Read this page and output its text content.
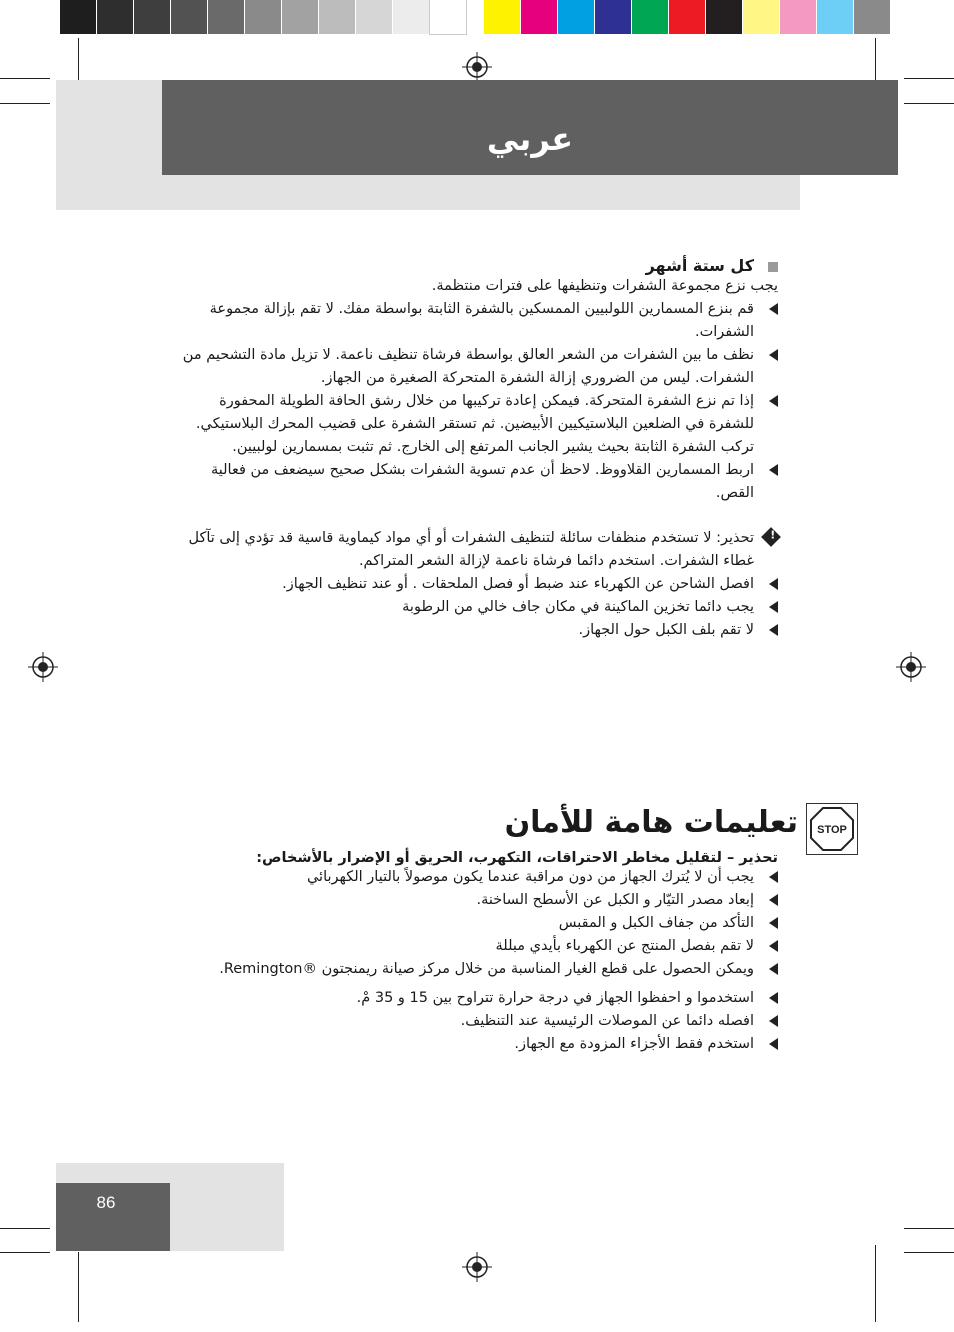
عربي
كل ستة أشهر
يجب نزع مجموعة الشفرات وتنظيفها على فترات منتظمة.
قم بنزع المسمارين اللولبيين الممسكين بالشفرة الثابتة بواسطة مفك. لا تقم بإزالة مجموعة الشفرات.
نظف ما بين الشفرات من الشعر العالق بواسطة فرشاة تنظيف ناعمة. لا تزيل مادة التشحيم من الشفرات. ليس من الضروري إزالة الشفرة المتحركة الصغيرة من الجهاز.
إذا تم نزع الشفرة المتحركة. فيمكن إعادة تركيبها من خلال رشق الحافة الطويلة المحفورة للشفرة في الضلعين البلاستيكيين الأبيضين. ثم تستقر الشفرة على قضيب المحرك البلاستيكي. تركب الشفرة الثابتة بحيث يشير الجانب المرتفع إلى الخارج. ثم تثبت بمسمارين لولبيين.
اربط المسمارين القلاووظ. لاحظ أن عدم تسوية الشفرات بشكل صحيح سيضعف من فعالية القص.
!
تحذير: لا تستخدم منظفات سائلة لتنظيف الشفرات أو أي مواد كيماوية قاسية قد تؤدي إلى تآكل غطاء الشفرات. استخدم دائما فرشاة ناعمة لإزالة الشعر المتراكم.
افصل الشاحن عن الكهرباء عند ضبط أو فصل الملحقات . أو عند تنظيف الجهاز.
يجب دائما تخزين الماكينة في مكان جاف خالي من الرطوبة
لا تقم بلف الكبل حول الجهاز.
STOP
تعليمات هامة للأمان
تحذير – لتقليل مخاطر الاحتراقات، التكهرب، الحريق أو الإضرار بالأشخاص:
يجب أن لا يُترك الجهاز من دون مراقبة عندما يكون موصولاً بالتيار الكهربائي
إبعاد مصدر التيّار و الكبل عن الأسطح الساخنة.
التأكد من جفاف الكبل و المقبس
لا تقم بفصل المنتج عن الكهرباء بأيدي مبللة
ويمكن الحصول على قطع الغيار المناسبة من خلال مركز صيانة ريمنجتون ®Remington.
استخدموا و احفظوا الجهاز في درجة حرارة تتراوح بين 15 و 35 مْ.
افصله دائما عن الموصلات الرئيسية عند التنظيف.
استخدم فقط الأجزاء المزودة مع الجهاز.
86
